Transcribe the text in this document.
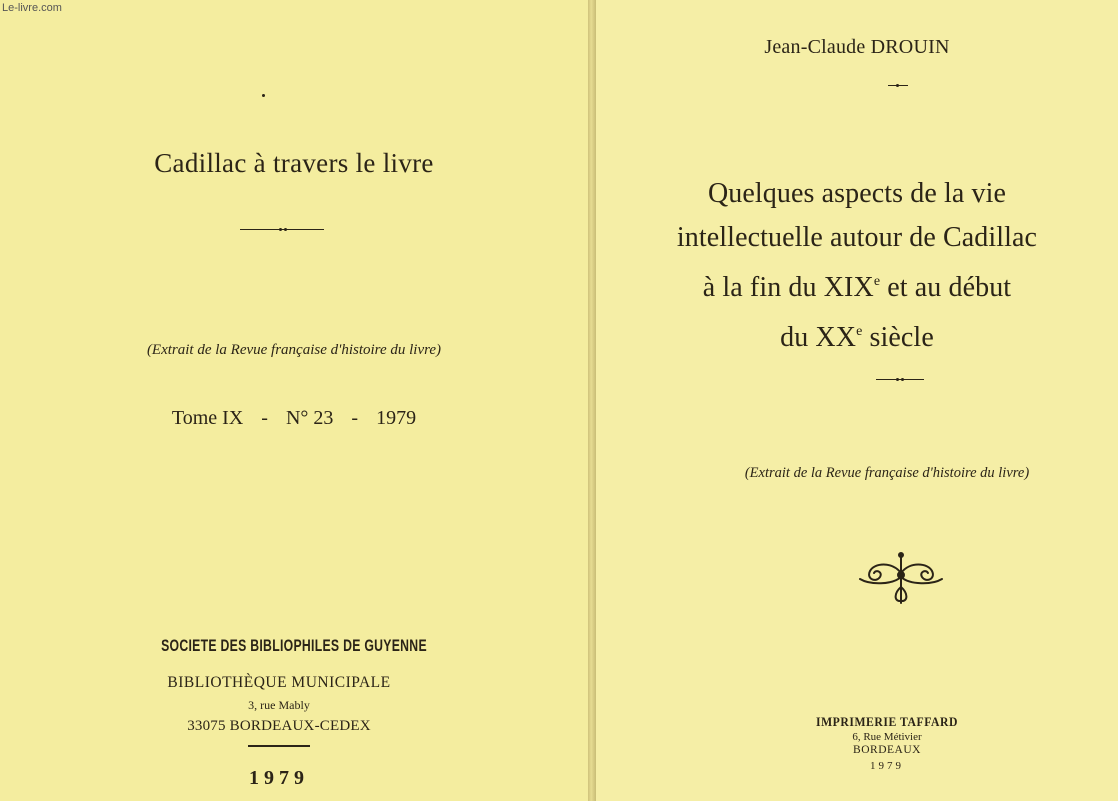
Le-livre.com
Cadillac à travers le livre
(Extrait de la Revue française d'histoire du livre)
Tome IX - N° 23 - 1979
SOCIETE DES BIBLIOPHILES DE GUYENNE
BIBLIOTHÈQUE MUNICIPALE
3, rue Mably
33075 BORDEAUX-CEDEX
1979
Jean-Claude DROUIN
Quelques aspects de la vie
intellectuelle autour de Cadillac
à la fin du XIXe et au début
du XXe siècle
(Extrait de la Revue française d'histoire du livre)
IMPRIMERIE TAFFARD
6, Rue Métivier
BORDEAUX
1979
